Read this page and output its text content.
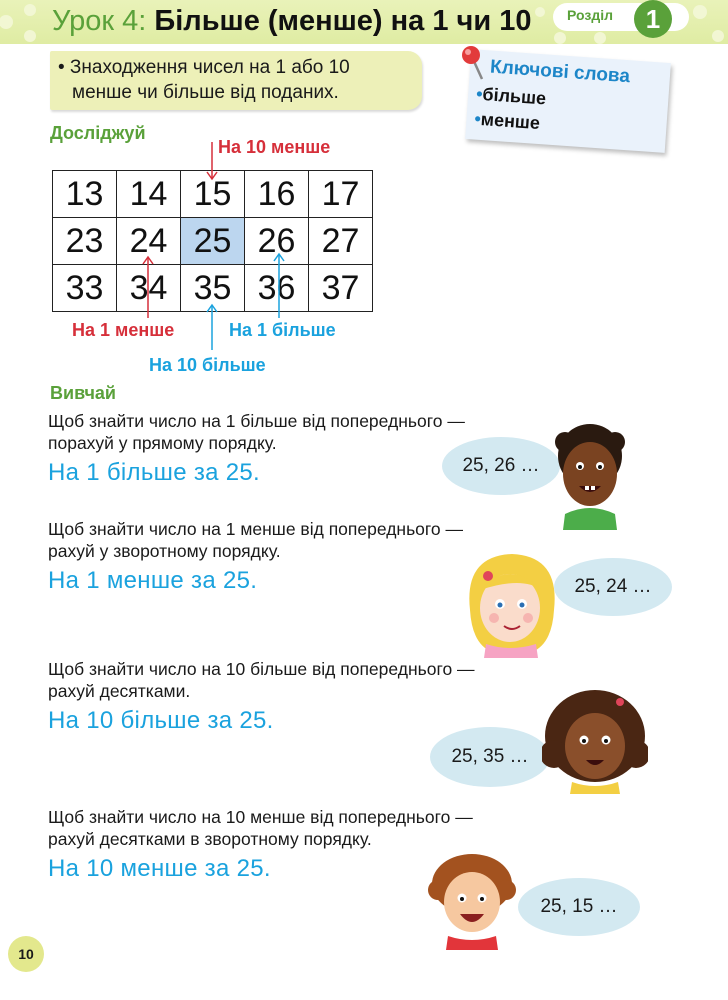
Урок 4: Більше (менше) на 1 чи 10	Розділ	1
• Знаходження чисел на 1 або 10
менше чи більше від поданих.
Ключові слова
• більше
• менше
Досліджуй
13	14	15	16	17
23	24	25	26	27
33	34	35	36	37
На 10 менше
На 1 менше	На 1 більше
На 10 більше
Вивчай
Щоб знайти число на 1 більше від попереднього —
порахуй у прямому порядку.
На 1 більше за 25.	25, 26 …
Щоб знайти число на 1 менше від попереднього —
рахуй у зворотному порядку.
На 1 менше за 25.	25, 24 …
Щоб знайти число на 10 більше від попереднього —
рахуй десятками.
На 10 більше за 25.
25, 35 …
Щоб знайти число на 10 менше від попереднього —
рахуй десятками в зворотному порядку.
На 10 менше за 25.
25, 15 …
10
